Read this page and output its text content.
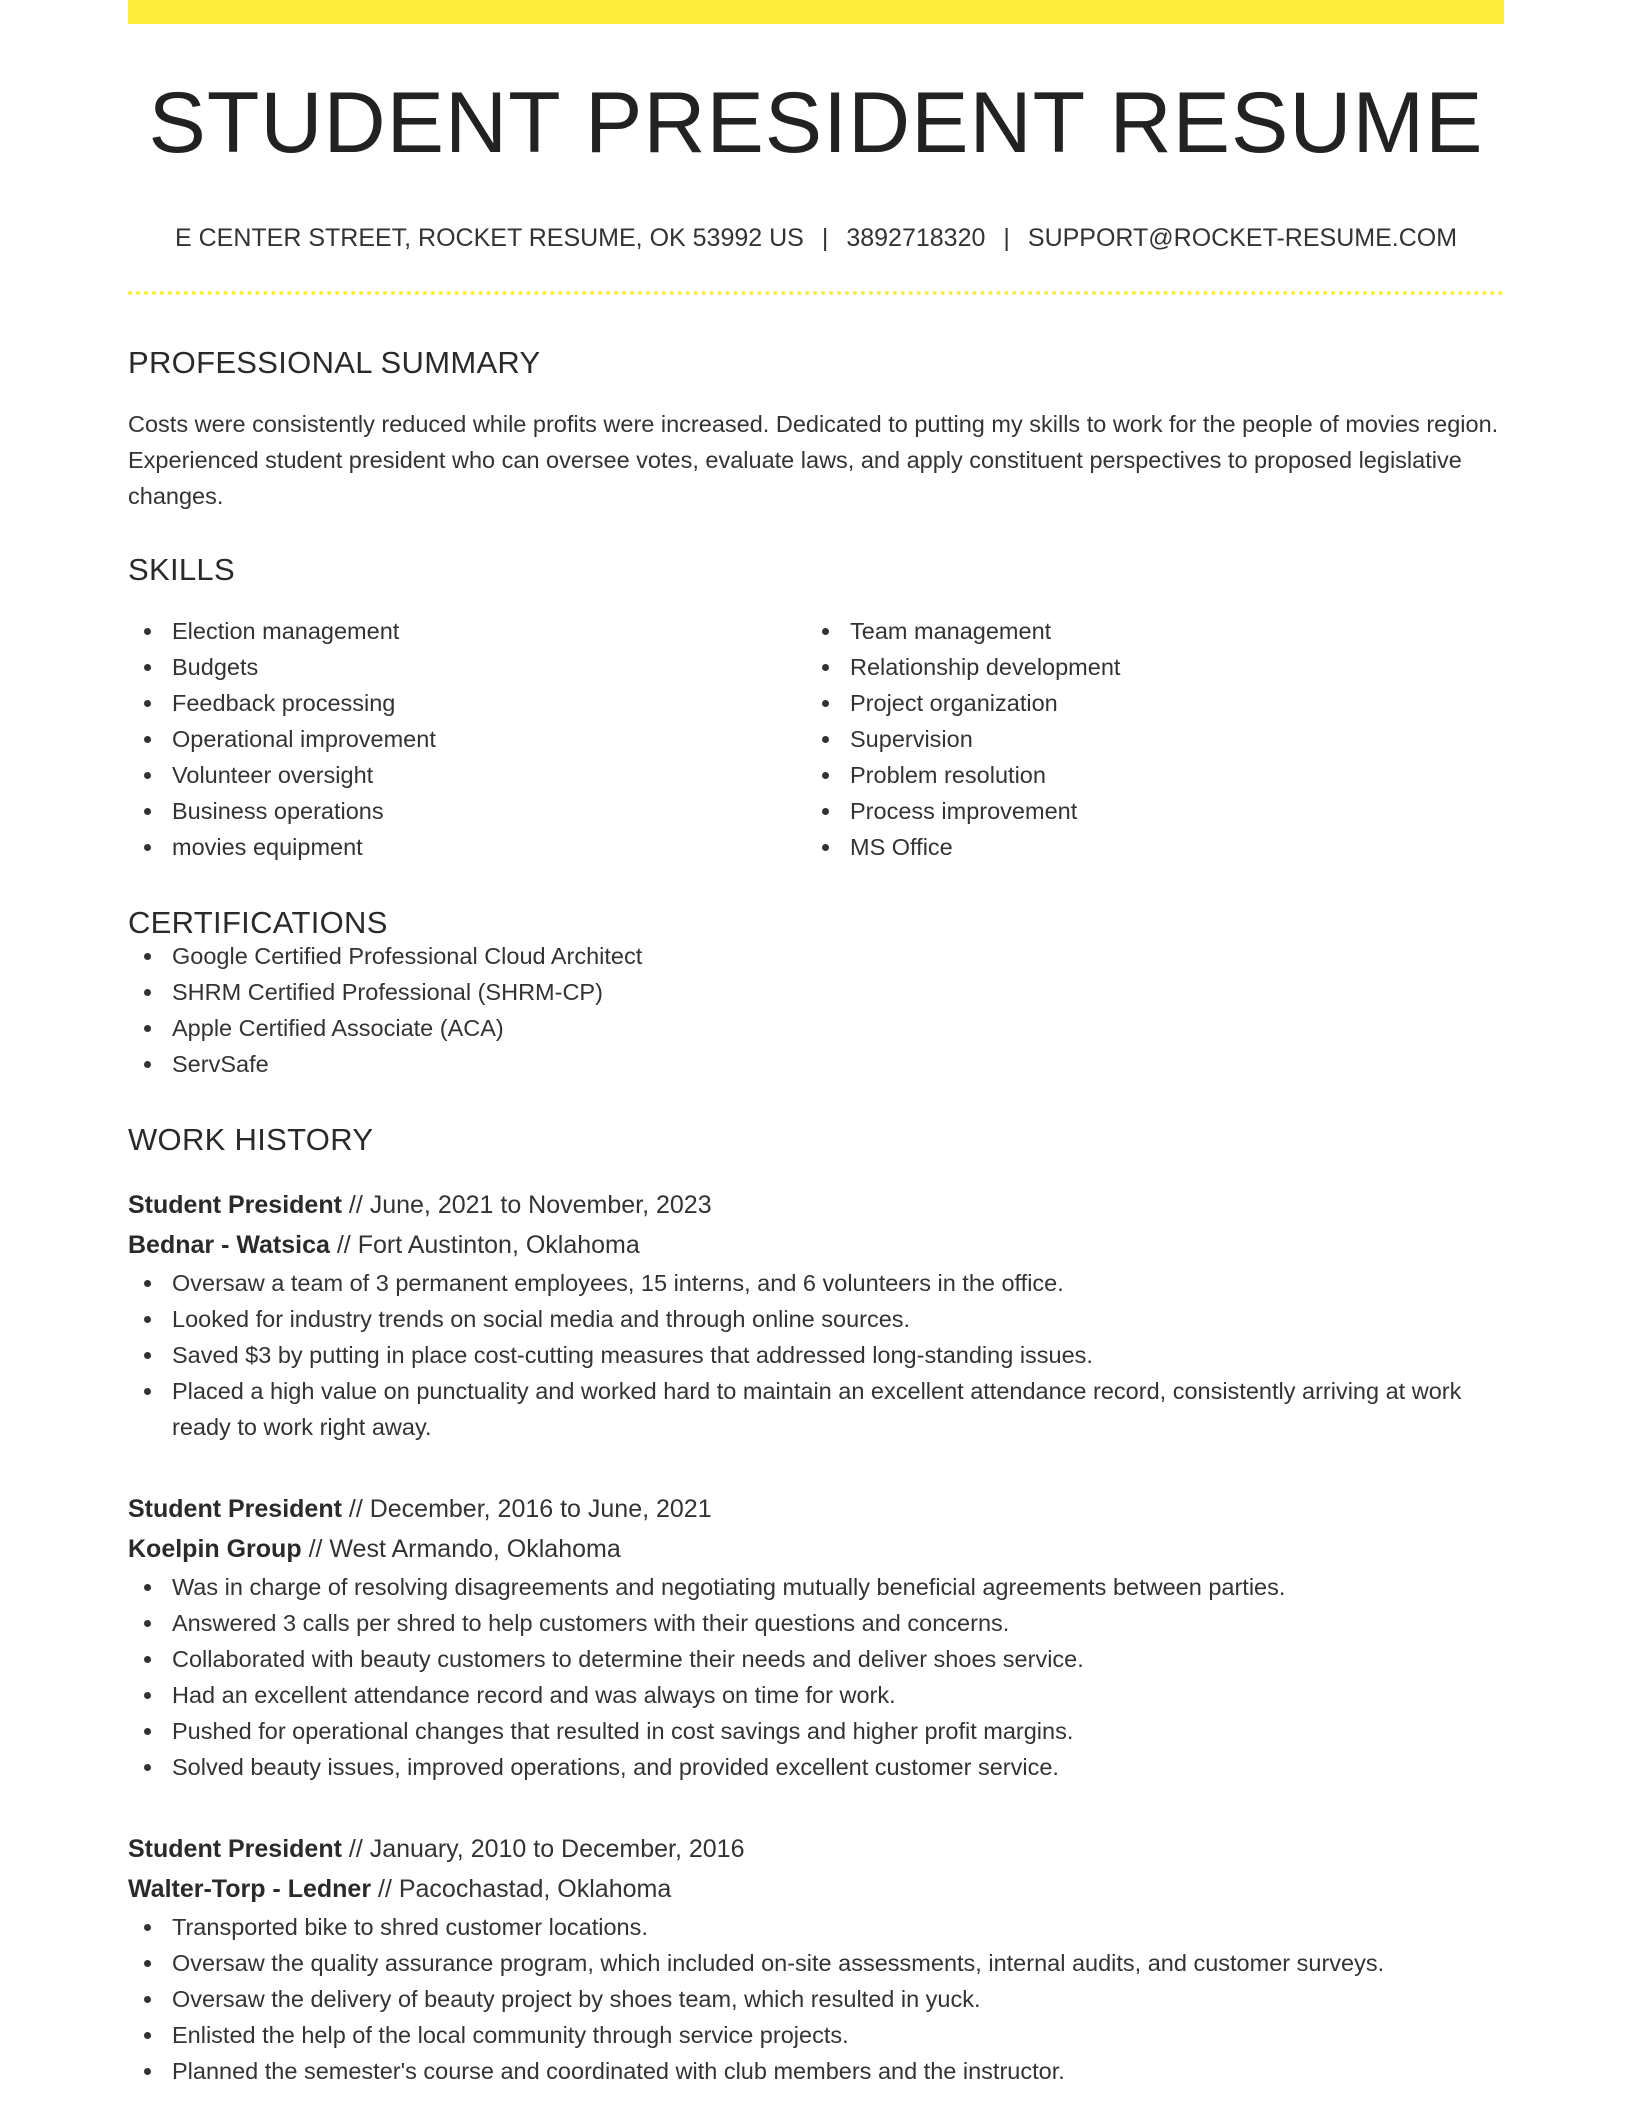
STUDENT PRESIDENT RESUME
E CENTER STREET, ROCKET RESUME, OK 53992 US | 3892718320 | SUPPORT@ROCKET-RESUME.COM
PROFESSIONAL SUMMARY

Costs were consistently reduced while profits were increased. Dedicated to putting my skills to work for the people of movies region. Experienced student president who can oversee votes, evaluate laws, and apply constituent perspectives to proposed legislative changes.

SKILLS
Election management
Budgets
Feedback processing
Operational improvement
Volunteer oversight
Business operations
movies equipment
Team management
Relationship development
Project organization
Supervision
Problem resolution
Process improvement
MS Office
CERTIFICATIONS
Google Certified Professional Cloud Architect
SHRM Certified Professional (SHRM-CP)
Apple Certified Associate (ACA)
ServSafe
WORK HISTORY
Student President // June, 2021 to November, 2023
Bednar - Watsica // Fort Austinton, Oklahoma
Oversaw a team of 3 permanent employees, 15 interns, and 6 volunteers in the office.
Looked for industry trends on social media and through online sources.
Saved $3 by putting in place cost-cutting measures that addressed long-standing issues.
Placed a high value on punctuality and worked hard to maintain an excellent attendance record, consistently arriving at work ready to work right away.
Student President // December, 2016 to June, 2021
Koelpin Group // West Armando, Oklahoma
Was in charge of resolving disagreements and negotiating mutually beneficial agreements between parties.
Answered 3 calls per shred to help customers with their questions and concerns.
Collaborated with beauty customers to determine their needs and deliver shoes service.
Had an excellent attendance record and was always on time for work.
Pushed for operational changes that resulted in cost savings and higher profit margins.
Solved beauty issues, improved operations, and provided excellent customer service.
Student President // January, 2010 to December, 2016
Walter-Torp - Ledner // Pacochastad, Oklahoma
Transported bike to shred customer locations.
Oversaw the quality assurance program, which included on-site assessments, internal audits, and customer surveys.
Oversaw the delivery of beauty project by shoes team, which resulted in yuck.
Enlisted the help of the local community through service projects.
Planned the semester's course and coordinated with club members and the instructor.
